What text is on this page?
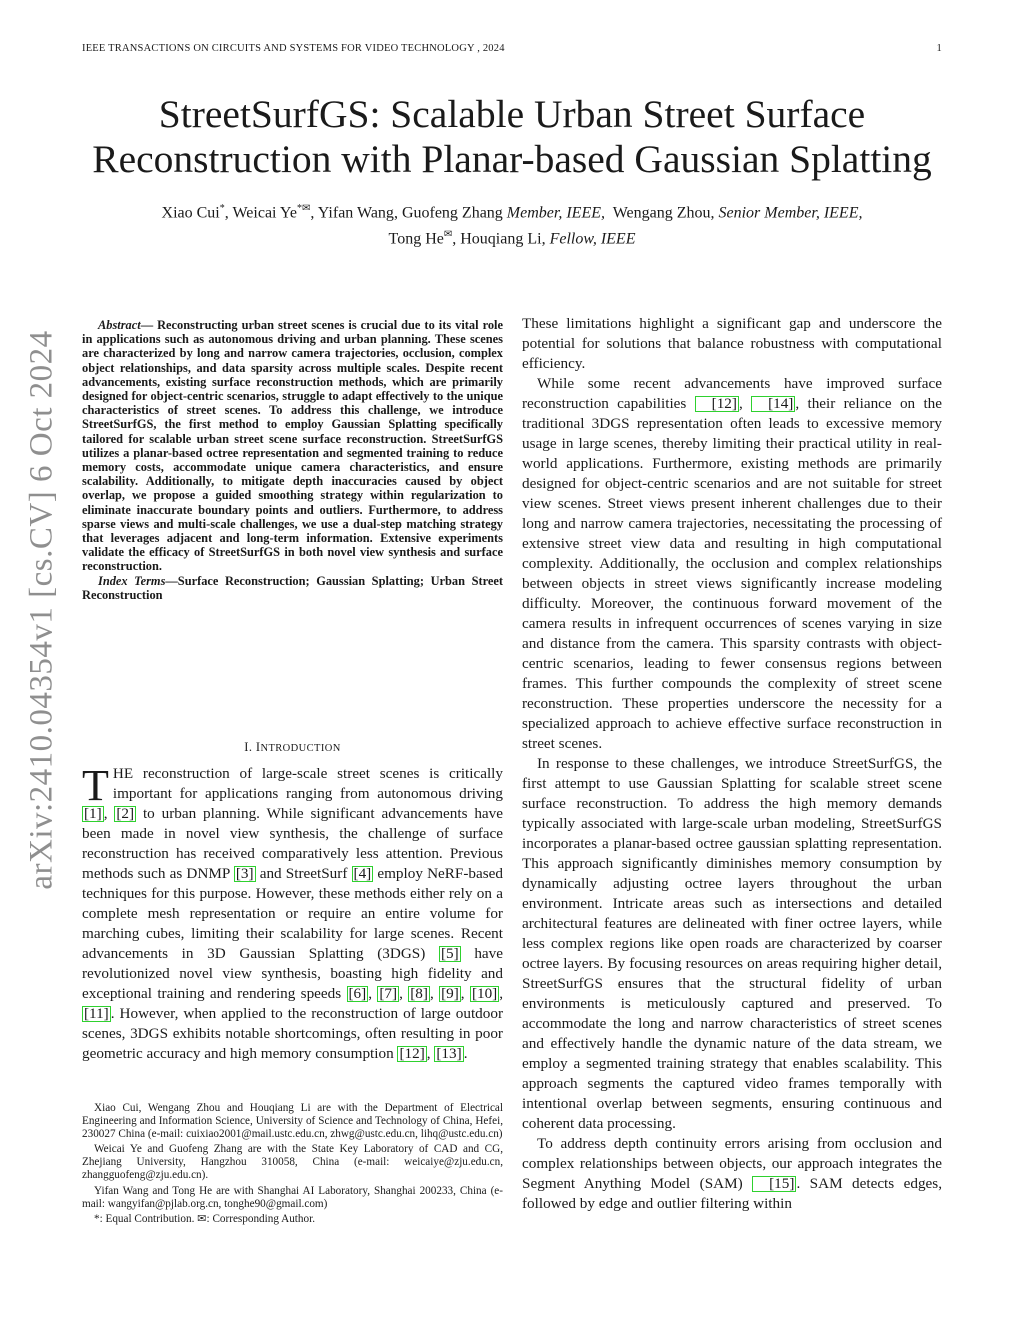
IEEE TRANSACTIONS ON CIRCUITS AND SYSTEMS FOR VIDEO TECHNOLOGY , 2024	1
arXiv:2410.04354v1 [cs.CV] 6 Oct 2024
StreetSurfGS: Scalable Urban Street Surface
Reconstruction with Planar-based Gaussian Splatting
Xiao Cui*, Weicai Ye*✉, Yifan Wang, Guofeng Zhang Member, IEEE, Wengang Zhou, Senior Member, IEEE,
Tong He✉, Houqiang Li, Fellow, IEEE

Abstract— Reconstructing urban street scenes is crucial due to its vital role in applications such as autonomous driving and urban planning. These scenes are characterized by long and narrow camera trajectories, occlusion, complex object relationships, and data sparsity across multiple scales. Despite recent advancements, existing surface reconstruction methods, which are primarily designed for object-centric scenarios, struggle to adapt effectively to the unique characteristics of street scenes. To address this challenge, we introduce StreetSurfGS, the first method to employ Gaussian Splatting specifically tailored for scalable urban street scene surface reconstruction. StreetSurfGS utilizes a planar-based octree representation and segmented training to reduce memory costs, accommodate unique camera characteristics, and ensure scalability. Additionally, to mitigate depth inaccuracies caused by object overlap, we propose a guided smoothing strategy within regularization to eliminate inaccurate boundary points and outliers. Furthermore, to address sparse views and multi-scale challenges, we use a dual-step matching strategy that leverages adjacent and long-term information. Extensive experiments validate the efficacy of StreetSurfGS in both novel view synthesis and surface reconstruction.

Index Terms—Surface Reconstruction; Gaussian Splatting; Urban Street Reconstruction

I. INTRODUCTION

THE reconstruction of large-scale street scenes is critically important for applications ranging from autonomous driving [1] , [2] to urban planning. While significant advancements have been made in novel view synthesis, the challenge of surface reconstruction has received comparatively less attention. Previous methods such as DNMP [3] and StreetSurf [4] employ NeRF-based techniques for this purpose. However, these methods either rely on a complete mesh representation or require an entire volume for marching cubes, limiting their scalability for large scenes. Recent advancements in 3D Gaussian Splatting (3DGS) [5] have revolutionized novel view synthesis, boasting high fidelity and exceptional training and rendering speeds [6] , [7] , [8] , [9] , [10] , [11] . However, when applied to the reconstruction of large outdoor scenes, 3DGS exhibits notable shortcomings, often resulting in poor geometric accuracy and high memory consumption [12] , [13] .

Xiao Cui, Wengang Zhou and Houqiang Li are with the Department of Electrical Engineering and Information Science, University of Science and Technology of China, Hefei, 230027 China (e-mail: cuixiao2001@mail.ustc.edu.cn, zhwg@ustc.edu.cn, lihq@ustc.edu.cn)

Weicai Ye and Guofeng Zhang are with the State Key Laboratory of CAD and CG, Zhejiang University, Hangzhou 310058, China (e-mail: weicaiye@zju.edu.cn, zhangguofeng@zju.edu.cn).

Yifan Wang and Tong He are with Shanghai AI Laboratory, Shanghai 200233, China (e-mail: wangyifan@pjlab.org.cn, tonghe90@gmail.com)

*: Equal Contribution. ✉: Corresponding Author.

These limitations highlight a significant gap and underscore the potential for solutions that balance robustness with computational efficiency.

While some recent advancements have improved surface reconstruction capabilities [12] , [14] , their reliance on the traditional 3DGS representation often leads to excessive memory usage in large scenes, thereby limiting their practical utility in real-world applications. Furthermore, existing methods are primarily designed for object-centric scenarios and are not suitable for street view scenes. Street views present inherent challenges due to their long and narrow camera trajectories, necessitating the processing of extensive street view data and resulting in high computational complexity. Additionally, the occlusion and complex relationships between objects in street views significantly increase modeling difficulty. Moreover, the continuous forward movement of the camera results in infrequent occurrences of scenes varying in size and distance from the camera. This sparsity contrasts with object-centric scenarios, leading to fewer consensus regions between frames. This further compounds the complexity of street scene reconstruction. These properties underscore the necessity for a specialized approach to achieve effective surface reconstruction in street scenes.

In response to these challenges, we introduce StreetSurfGS, the first attempt to use Gaussian Splatting for scalable street scene surface reconstruction. To address the high memory demands typically associated with large-scale urban modeling, StreetSurfGS incorporates a planar-based octree gaussian splatting representation. This approach significantly diminishes memory consumption by dynamically adjusting octree layers throughout the urban environment. Intricate areas such as intersections and detailed architectural features are delineated with finer octree layers, while less complex regions like open roads are characterized by coarser octree layers. By focusing resources on areas requiring higher detail, StreetSurfGS ensures that the structural fidelity of urban environments is meticulously captured and preserved. To accommodate the long and narrow characteristics of street scenes and effectively handle the dynamic nature of the data stream, we employ a segmented training strategy that enables scalability. This approach segments the captured video frames temporally with intentional overlap between segments, ensuring continuous and coherent data processing.

To address depth continuity errors arising from occlusion and complex relationships between objects, our approach integrates the Segment Anything Model (SAM) [15] . SAM detects edges, followed by edge and outlier filtering within
